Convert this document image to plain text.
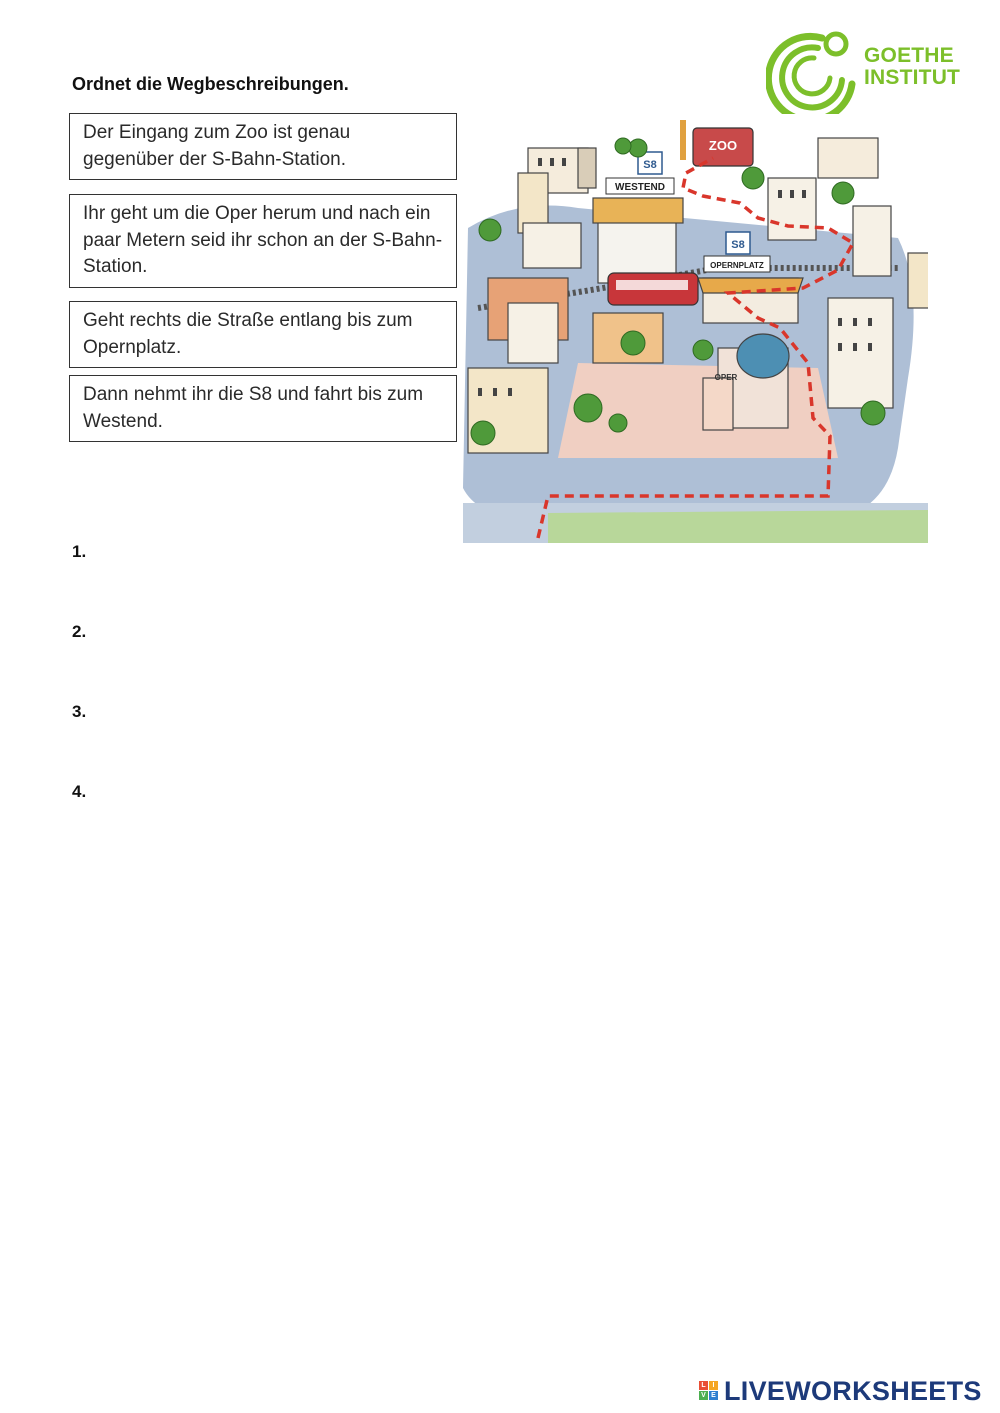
Ordnet die Wegbeschreibungen.
Der Eingang zum Zoo ist genau gegenüber der S-Bahn-Station.
Ihr geht um die Oper herum und nach ein paar Metern seid ihr schon an der S-Bahn-Station.
Geht rechts die Straße entlang bis zum Opernplatz.
Dann nehmt ihr die S8 und fahrt bis zum Westend.
1.
2.
3.
4.
GOETHE
INSTITUT
ZOO
S8
WESTEND
S8
OPERNPLATZ
OPER
L I
V E LIVEWORKSHEETS
